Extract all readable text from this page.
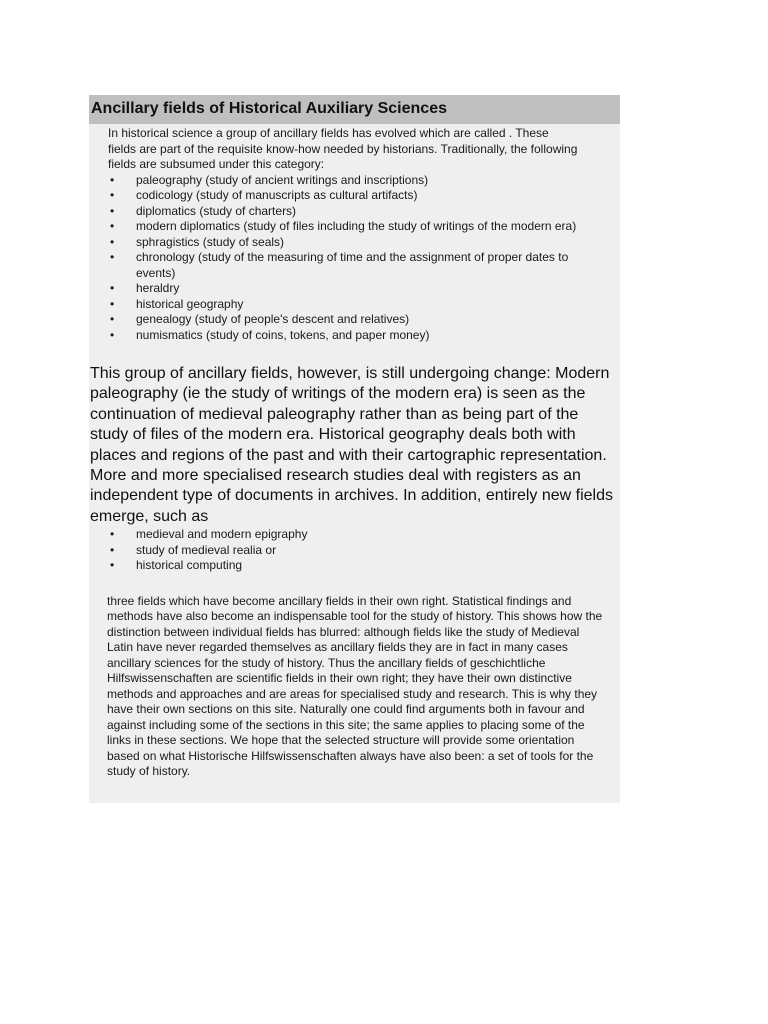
Ancillary fields of Historical Auxiliary Sciences
In historical science a group of ancillary fields has evolved which are called . These fields are part of the requisite know-how needed by historians. Traditionally, the following fields are subsumed under this category:
• paleography (study of ancient writings and inscriptions)
• codicology (study of manuscripts as cultural artifacts)
• diplomatics (study of charters)
• modern diplomatics (study of files including the study of writings of the modern era)
• sphragistics (study of seals)
• chronology (study of the measuring of time and the assignment of proper dates to events)
• heraldry
• historical geography
• genealogy (study of people's descent and relatives)
• numismatics (study of coins, tokens, and paper money)

This group of ancillary fields, however, is still undergoing change: Modern paleography (ie the study of writings of the modern era) is seen as the continuation of medieval paleography rather than as being part of the study of files of the modern era. Historical geography deals both with places and regions of the past and with their cartographic representation. More and more specialised research studies deal with registers as an independent type of documents in archives. In addition, entirely new fields emerge, such as

• medieval and modern epigraphy
• study of medieval realia or
• historical computing
three fields which have become ancillary fields in their own right. Statistical findings and methods have also become an indispensable tool for the study of history. This shows how the distinction between individual fields has blurred: although fields like the study of Medieval Latin have never regarded themselves as ancillary fields they are in fact in many cases ancillary sciences for the study of history. Thus the ancillary fields of geschichtliche Hilfswissenschaften are scientific fields in their own right; they have their own distinctive methods and approaches and are areas for specialised study and research. This is why they have their own sections on this site. Naturally one could find arguments both in favour and against including some of the sections in this site; the same applies to placing some of the links in these sections. We hope that the selected structure will provide some orientation based on what Historische Hilfswissenschaften always have also been: a set of tools for the study of history.
